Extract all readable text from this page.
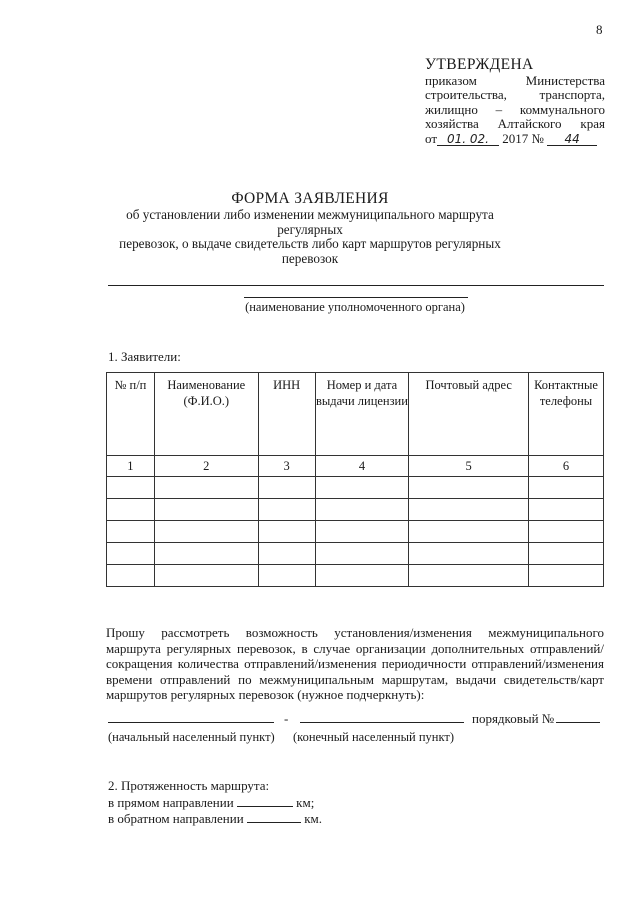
8
УТВЕРЖДЕНА
приказом	Министерства
строительства, транспорта,
жилищно – коммунального
хозяйства Алтайского края
от 01. 02. 2017 № 44
ФОРМА ЗАЯВЛЕНИЯ
об установлении либо изменении межмуниципального маршрута регулярных
перевозок, о выдаче свидетельств либо карт маршрутов регулярных
перевозок
(наименование уполномоченного органа)
1. Заявители:
№ п/п	Наименование (Ф.И.О.)	ИНН	Номер и дата выдачи лицензии	Почтовый адрес	Контактные телефоны
1	2	3	4	5	6

Прошу рассмотреть возможность установления/изменения межмуниципального маршрута регулярных перевозок, в случае организации дополнительных отправлений/сокращения количества отправлений/изменения периодичности отправлений/изменения времени отправлений по межмуниципальным маршрутам, выдачи свидетельств/карт маршрутов регулярных перевозок (нужное подчеркнуть):
-	порядковый №
(начальный населенный пункт) (конечный населенный пункт)
2. Протяженность маршрута:
в прямом направлении	км;
в обратном направлении	км.
